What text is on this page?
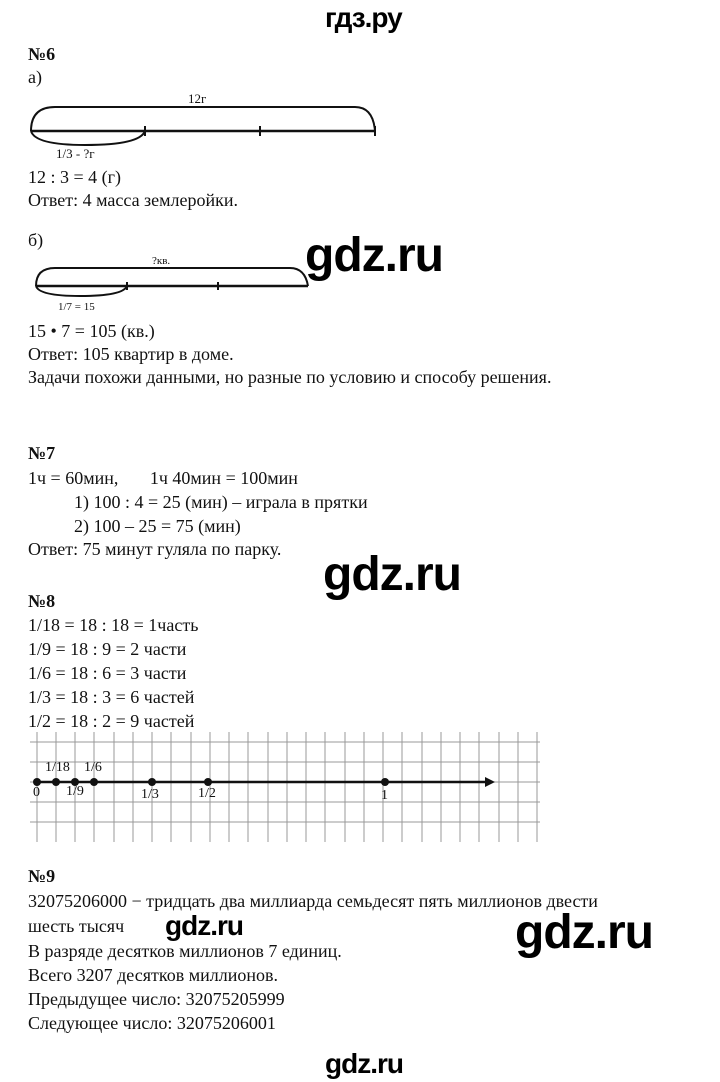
гдз.ру
№6
а)
12г
1/3 - ?г
12 : 3 = 4 (г)
Ответ: 4 масса землеройки.
б)	gdz.ru
?кв.
1/7 = 15
15 • 7 = 105 (кв.)
Ответ: 105 квартир в доме.
Задачи похожи данными, но разные по условию и способу решения.
№7
1ч = 60мин,       1ч 40мин = 100мин
1) 100 : 4 = 25 (мин) – играла в прятки
2) 100 – 25 = 75 (мин)
Ответ: 75 минут гуляла по парку. gdz.ru
№8
1/18 = 18 : 18 = 1часть
1/9 = 18 : 9 = 2 части
1/6 = 18 : 6 = 3 части
1/3 = 18 : 3 = 6 частей
1/2 = 18 : 2 = 9 частей
0
1/18
1/9
1/6
1/3	1/2	1
№9
32075206000 − тридцать два миллиарда семьдесят пять миллионов двести
шесть тысяч gdz.ru	gdz.ru
В разряде десятков миллионов 7 единиц.
Всего 3207 десятков миллионов.
Предыдущее число: 32075205999
Следующее число: 32075206001
gdz.ru
